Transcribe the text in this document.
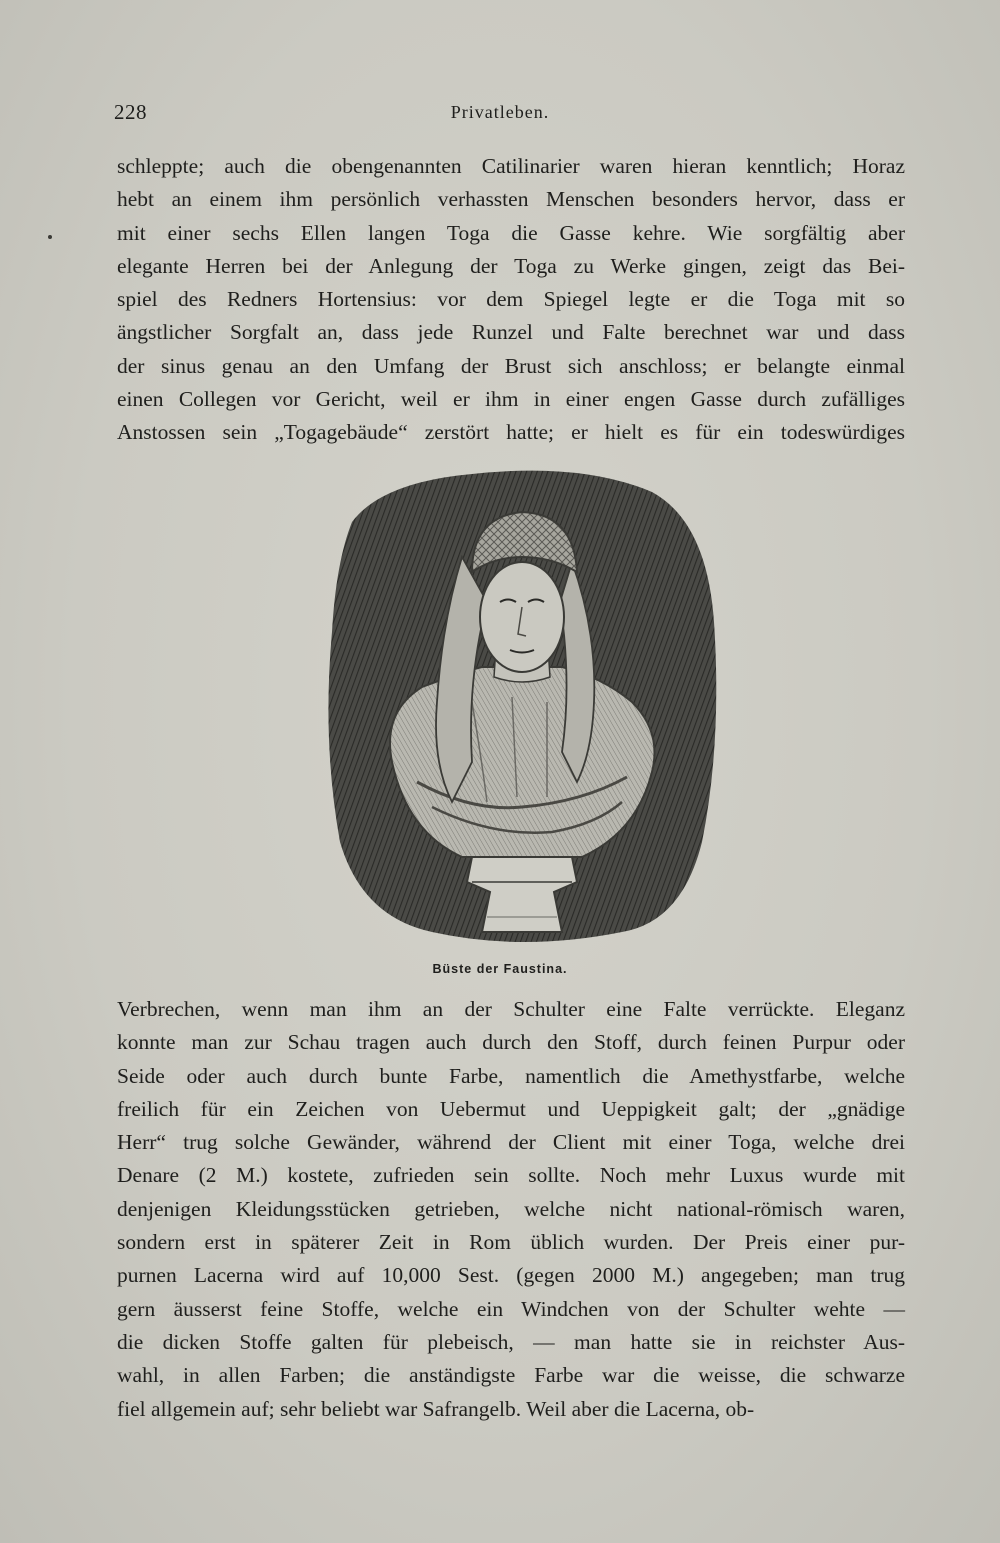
228	Privatleben.
schleppte; auch die obengenannten Catilinarier waren hieran kenntlich; Horaz
hebt an einem ihm persönlich verhassten Menschen besonders hervor, dass er
mit einer sechs Ellen langen Toga die Gasse kehre. Wie sorgfältig aber
elegante Herren bei der Anlegung der Toga zu Werke gingen, zeigt das Bei-
spiel des Redners Hortensius: vor dem Spiegel legte er die Toga mit so
ängstlicher Sorgfalt an, dass jede Runzel und Falte berechnet war und dass
der sinus genau an den Umfang der Brust sich anschloss; er belangte einmal
einen Collegen vor Gericht, weil er ihm in einer engen Gasse durch zufälliges
Anstossen sein „Togagebäude“ zerstört hatte; er hielt es für ein todeswürdiges
Büste der Faustina.
Verbrechen, wenn man ihm an der Schulter eine Falte verrückte. Eleganz
konnte man zur Schau tragen auch durch den Stoff, durch feinen Purpur oder
Seide oder auch durch bunte Farbe, namentlich die Amethystfarbe, welche
freilich für ein Zeichen von Uebermut und Ueppigkeit galt; der „gnädige
Herr“ trug solche Gewänder, während der Client mit einer Toga, welche drei
Denare (2 M.) kostete, zufrieden sein sollte. Noch mehr Luxus wurde mit
denjenigen Kleidungsstücken getrieben, welche nicht national-römisch waren,
sondern erst in späterer Zeit in Rom üblich wurden. Der Preis einer pur-
purnen Lacerna wird auf 10,000 Sest. (gegen 2000 M.) angegeben; man trug
gern äusserst feine Stoffe, welche ein Windchen von der Schulter wehte —
die dicken Stoffe galten für plebeisch, — man hatte sie in reichster Aus-
wahl, in allen Farben; die anständigste Farbe war die weisse, die schwarze
fiel allgemein auf; sehr beliebt war Safrangelb. Weil aber die Lacerna, ob-
